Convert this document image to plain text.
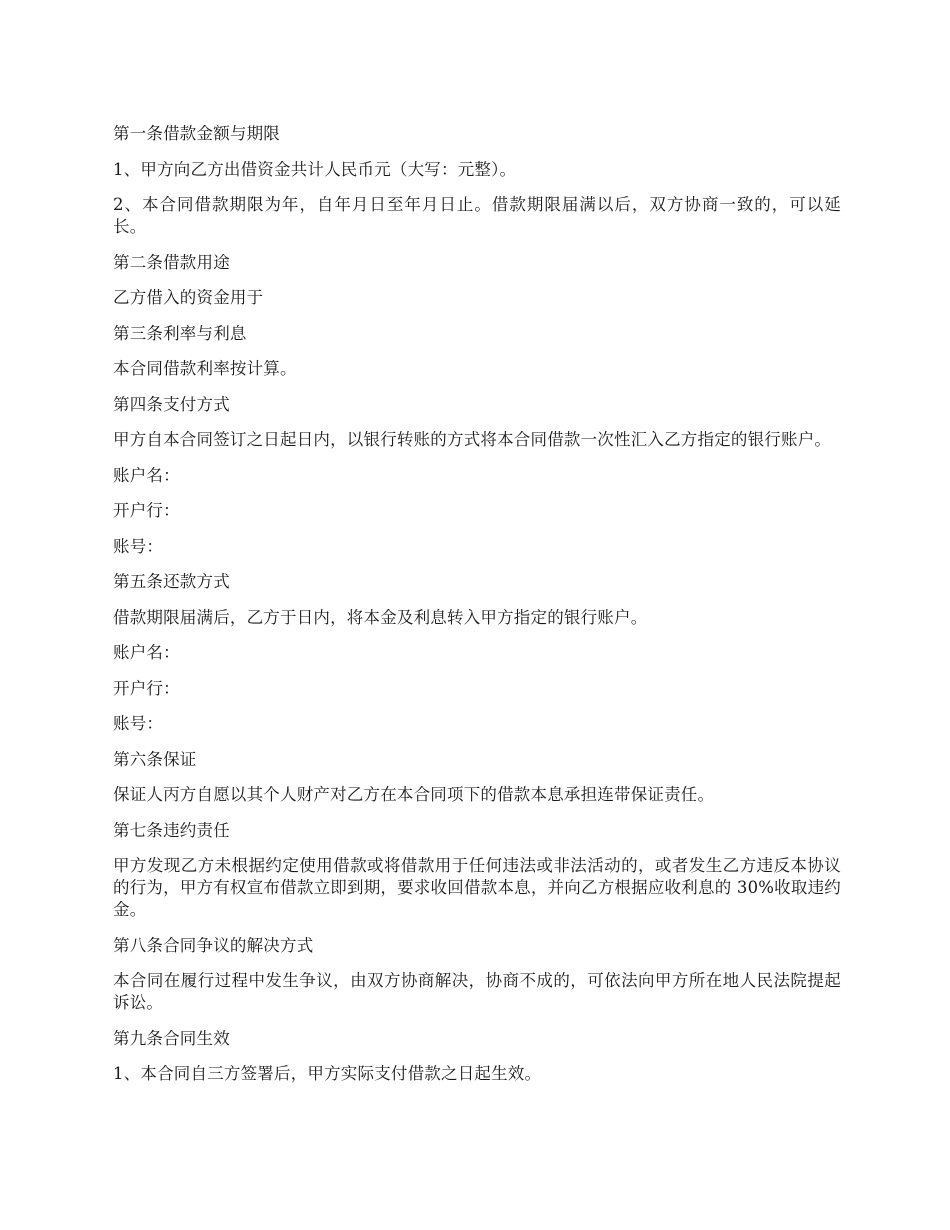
第一条借款金额与期限

1、甲方向乙方出借资金共计人民币元（大写：元整）。

2、本合同借款期限为年，自年月日至年月日止。借款期限届满以后，双方协商一致的，可以延长。

第二条借款用途

乙方借入的资金用于

第三条利率与利息

本合同借款利率按计算。

第四条支付方式

甲方自本合同签订之日起日内，以银行转账的方式将本合同借款一次性汇入乙方指定的银行账户。

账户名：

开户行：

账号：

第五条还款方式

借款期限届满后，乙方于日内，将本金及利息转入甲方指定的银行账户。

账户名：

开户行：

账号：

第六条保证

保证人丙方自愿以其个人财产对乙方在本合同项下的借款本息承担连带保证责任。

第七条违约责任

甲方发现乙方未根据约定使用借款或将借款用于任何违法或非法活动的，或者发生乙方违反本协议的行为，甲方有权宣布借款立即到期，要求收回借款本息，并向乙方根据应收利息的 30%收取违约金。

第八条合同争议的解决方式

本合同在履行过程中发生争议，由双方协商解决，协商不成的，可依法向甲方所在地人民法院提起诉讼。

第九条合同生效

1、本合同自三方签署后，甲方实际支付借款之日起生效。
